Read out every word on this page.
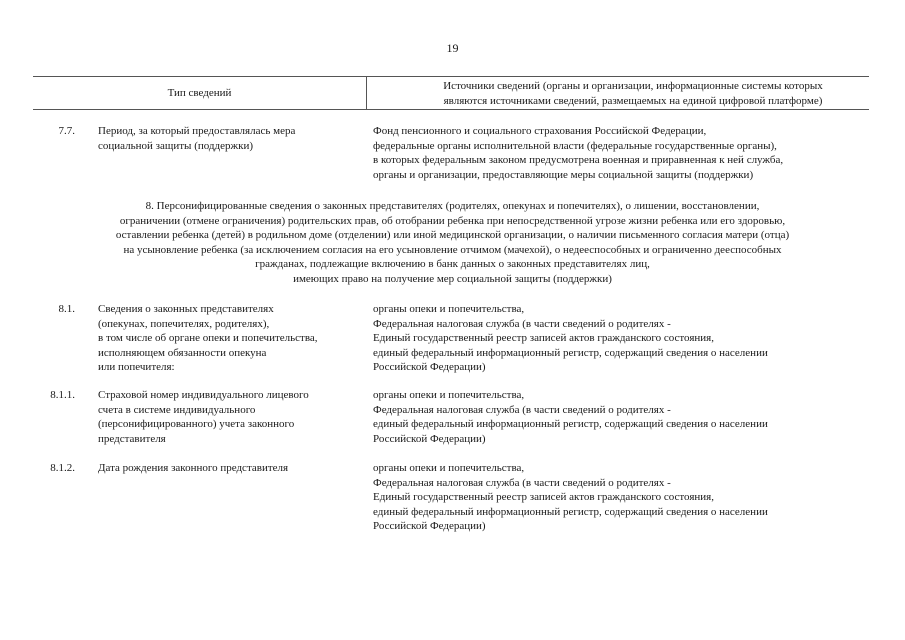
19
Тип сведений
Источники сведений (органы и организации, информационные системы которых
являются источниками сведений, размещаемых на единой цифровой платформе)
7.7. Период, за который предоставлялась мера
социальной защиты (поддержки)
Фонд пенсионного и социального страхования Российской Федерации,
федеральные органы исполнительной власти (федеральные государственные органы),
в которых федеральным законом предусмотрена военная и приравненная к ней служба,
органы и организации, предоставляющие меры социальной защиты (поддержки)
8. Персонифицированные сведения о законных представителях (родителях, опекунах и попечителях), о лишении, восстановлении,
ограничении (отмене ограничения) родительских прав, об отобрании ребенка при непосредственной угрозе жизни ребенка или его здоровью,
оставлении ребенка (детей) в родильном доме (отделении) или иной медицинской организации, о наличии письменного согласия матери (отца)
на усыновление ребенка (за исключением согласия на его усыновление отчимом (мачехой), о недееспособных и ограниченно дееспособных
гражданах, подлежащие включению в банк данных о законных представителях лиц,
имеющих право на получение мер социальной защиты (поддержки)
8.1. Сведения о законных представителях
(опекунах, попечителях, родителях),
в том числе об органе опеки и попечительства,
исполняющем обязанности опекуна
или попечителя:
органы опеки и попечительства,
Федеральная налоговая служба (в части сведений о родителях -
Единый государственный реестр записей актов гражданского состояния,
единый федеральный информационный регистр, содержащий сведения о населении
Российской Федерации)
8.1.1. Страховой номер индивидуального лицевого
счета в системе индивидуального
(персонифицированного) учета законного
представителя
органы опеки и попечительства,
Федеральная налоговая служба (в части сведений о родителях -
единый федеральный информационный регистр, содержащий сведения о населении
Российской Федерации)
8.1.2. Дата рождения законного представителя	органы опеки и попечительства,
Федеральная налоговая служба (в части сведений о родителях -
Единый государственный реестр записей актов гражданского состояния,
единый федеральный информационный регистр, содержащий сведения о населении
Российской Федерации)
